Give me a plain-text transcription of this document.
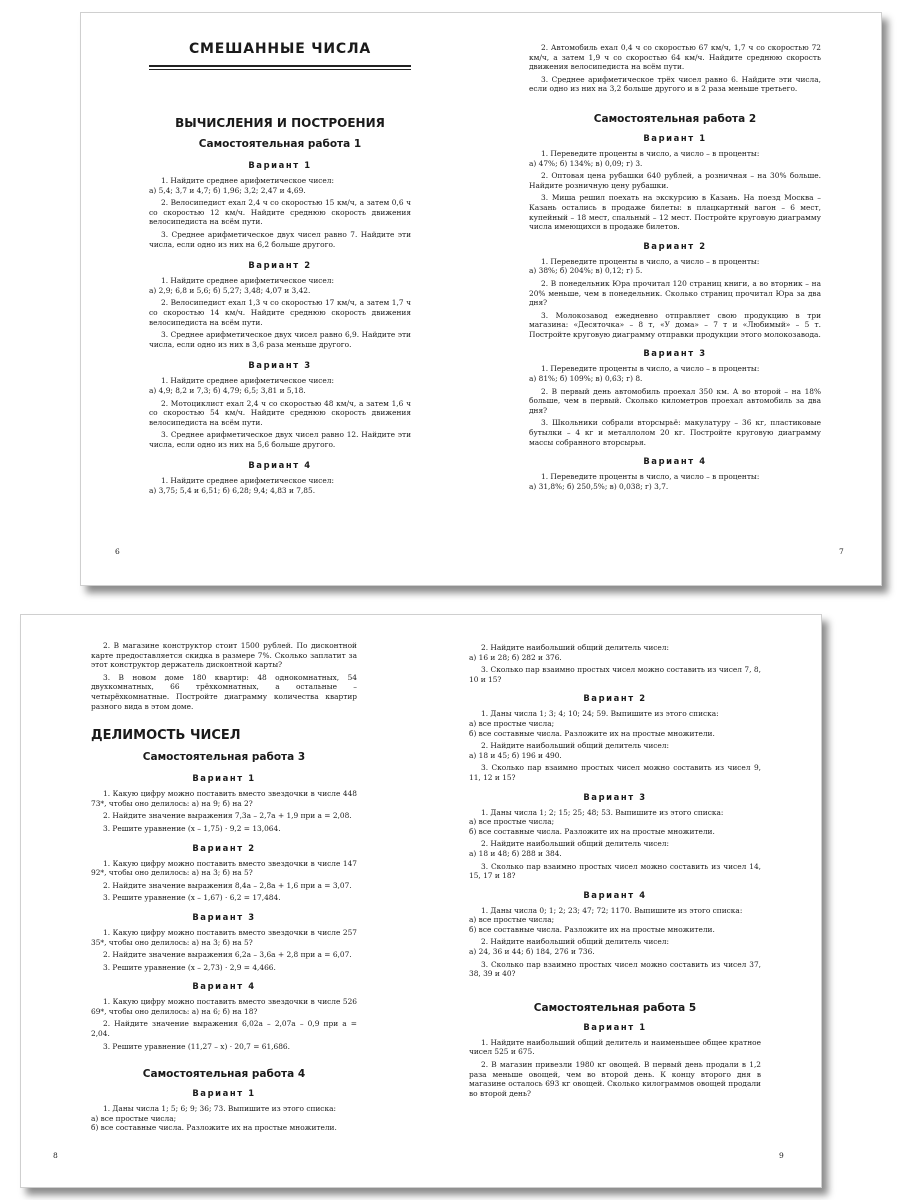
СМЕШАННЫЕ ЧИСЛА
ВЫЧИСЛЕНИЯ И ПОСТРОЕНИЯ
Самостоятельная работа 1
Вариант 1

1. Найдите среднее арифметическое чисел:

а) 5,4; 3,7 и 4,7; б) 1,96; 3,2; 2,47 и 4,69.

2. Велосипедист ехал 2,4 ч со скоростью 15 км/ч, а затем 0,6 ч со скоростью 12 км/ч. Найдите среднюю скорость движения велосипедиста на всём пути.

3. Среднее арифметическое двух чисел равно 7. Найдите эти числа, если одно из них на 6,2 больше другого.

Вариант 2

1. Найдите среднее арифметическое чисел:

а) 2,9; 6,8 и 5,6; б) 5,27; 3,48; 4,07 и 3,42.

2. Велосипедист ехал 1,3 ч со скоростью 17 км/ч, а затем 1,7 ч со скоростью 14 км/ч. Найдите среднюю скорость движения велосипедиста на всём пути.

3. Среднее арифметическое двух чисел равно 6,9. Найдите эти числа, если одно из них в 3,6 раза меньше другого.

Вариант 3

1. Найдите среднее арифметическое чисел:

а) 4,9; 8,2 и 7,3; б) 4,79; 6,5; 3,81 и 5,18.

2. Мотоциклист ехал 2,4 ч со скоростью 48 км/ч, а затем 1,6 ч со скоростью 54 км/ч. Найдите среднюю скорость движения велосипедиста на всём пути.

3. Среднее арифметическое двух чисел равно 12. Найдите эти числа, если одно из них на 5,6 больше другого.

Вариант 4

1. Найдите среднее арифметическое чисел:

а) 3,75; 5,4 и 6,51; б) 6,28; 9,4; 4,83 и 7,85.

6

2. Автомобиль ехал 0,4 ч со скоростью 67 км/ч, 1,7 ч со скоростью 72 км/ч, а затем 1,9 ч со скоростью 64 км/ч. Найдите среднюю скорость движения велосипедиста на всём пути.

3. Среднее арифметическое трёх чисел равно 6. Найдите эти числа, если одно из них на 3,2 больше другого и в 2 раза меньше третьего.

Самостоятельная работа 2
Вариант 1

1. Переведите проценты в число, а число – в проценты:

а) 47%; б) 134%; в) 0,09; г) 3.

2. Оптовая цена рубашки 640 рублей, а розничная – на 30% больше. Найдите розничную цену рубашки.

3. Миша решил поехать на экскурсию в Казань. На поезд Москва – Казань остались в продаже билеты: в плацкартный вагон – 6 мест, купейный – 18 мест, спальный – 12 мест. Постройте круговую диаграмму числа имеющихся в продаже билетов.

Вариант 2

1. Переведите проценты в число, а число – в проценты:

а) 38%; б) 204%; в) 0,12; г) 5.

2. В понедельник Юра прочитал 120 страниц книги, а во вторник – на 20% меньше, чем в понедельник. Сколько страниц прочитал Юра за два дня?

3. Молокозавод ежедневно отправляет свою продукцию в три магазина: «Десяточка» – 8 т, «У дома» – 7 т и «Любимый» – 5 т. Постройте круговую диаграмму отправки продукции этого молокозавода.

Вариант 3

1. Переведите проценты в число, а число – в проценты:

а) 81%; б) 109%; в) 0,63; г) 8.

2. В первый день автомобиль проехал 350 км. А во второй – на 18% больше, чем в первый. Сколько километров проехал автомобиль за два дня?

3. Школьники собрали вторсырьё: макулатуру – 36 кг, пластиковые бутылки – 4 кг и металлолом 20 кг. Постройте круговую диаграмму массы собранного вторсырья.

Вариант 4

1. Переведите проценты в число, а число – в проценты:

а) 31,8%; б) 250,5%; в) 0,038; г) 3,7.

7

2. В магазине конструктор стоит 1500 рублей. По дисконтной карте предоставляется скидка в размере 7%. Сколько заплатит за этот конструктор держатель дисконтной карты?

3. В новом доме 180 квартир: 48 однокомнатных, 54 двухкомнатных, 66 трёхкомнатных, а остальные – четырёхкомнатные. Постройте диаграмму количества квартир разного вида в этом доме.

ДЕЛИМОСТЬ ЧИСЕЛ
Самостоятельная работа 3
Вариант 1

1. Какую цифру можно поставить вместо звездочки в числе 448 73*, чтобы оно делилось: а) на 9; б) на 2?

2. Найдите значение выражения 7,3a – 2,7a + 1,9 при a = 2,08.

3. Решите уравнение (x – 1,75) · 9,2 = 13,064.

Вариант 2

1. Какую цифру можно поставить вместо звездочки в числе 147 92*, чтобы оно делилось: а) на 3; б) на 5?

2. Найдите значение выражения 8,4a – 2,8a + 1,6 при a = 3,07.

3. Решите уравнение (x – 1,67) · 6,2 = 17,484.

Вариант 3

1. Какую цифру можно поставить вместо звездочки в числе 257 35*, чтобы оно делилось: а) на 3; б) на 5?

2. Найдите значение выражения 6,2a – 3,6a + 2,8 при a = 6,07.

3. Решите уравнение (x – 2,73) · 2,9 = 4,466.

Вариант 4

1. Какую цифру можно поставить вместо звездочки в числе 526 69*, чтобы оно делилось: а) на 6; б) на 18?

2. Найдите значение выражения 6,02a – 2,07a – 0,9 при a = 2,04.

3. Решите уравнение (11,27 – x) · 20,7 = 61,686.

Самостоятельная работа 4
Вариант 1

1. Даны числа 1; 5; 6; 9; 36; 73. Выпишите из этого списка:

а) все простые числа;

б) все составные числа. Разложите их на простые множители.

8

2. Найдите наибольший общий делитель чисел:

а) 16 и 28; б) 282 и 376.

3. Сколько пар взаимно простых чисел можно составить из чисел 7, 8, 10 и 15?

Вариант 2

1. Даны числа 1; 3; 4; 10; 24; 59. Выпишите из этого списка:

а) все простые числа;

б) все составные числа. Разложите их на простые множители.

2. Найдите наибольший общий делитель чисел:

а) 18 и 45; б) 196 и 490.

3. Сколько пар взаимно простых чисел можно составить из чисел 9, 11, 12 и 15?

Вариант 3

1. Даны числа 1; 2; 15; 25; 48; 53. Выпишите из этого списка:

а) все простые числа;

б) все составные числа. Разложите их на простые множители.

2. Найдите наибольший общий делитель чисел:

а) 18 и 48; б) 288 и 384.

3. Сколько пар взаимно простых чисел можно составить из чисел 14, 15, 17 и 18?

Вариант 4

1. Даны числа 0; 1; 2; 23; 47; 72; 1170. Выпишите из этого списка:

а) все простые числа;

б) все составные числа. Разложите их на простые множители.

2. Найдите наибольший общий делитель чисел:

а) 24, 36 и 44; б) 184, 276 и 736.

3. Сколько пар взаимно простых чисел можно составить из чисел 37, 38, 39 и 40?

Самостоятельная работа 5
Вариант 1

1. Найдите наибольший общий делитель и наименьшее общее кратное чисел 525 и 675.

2. В магазин привезли 1980 кг овощей. В первый день продали в 1,2 раза меньше овощей, чем во второй день. К концу второго дня в магазине осталось 693 кг овощей. Сколько килограммов овощей продали во второй день?

9
